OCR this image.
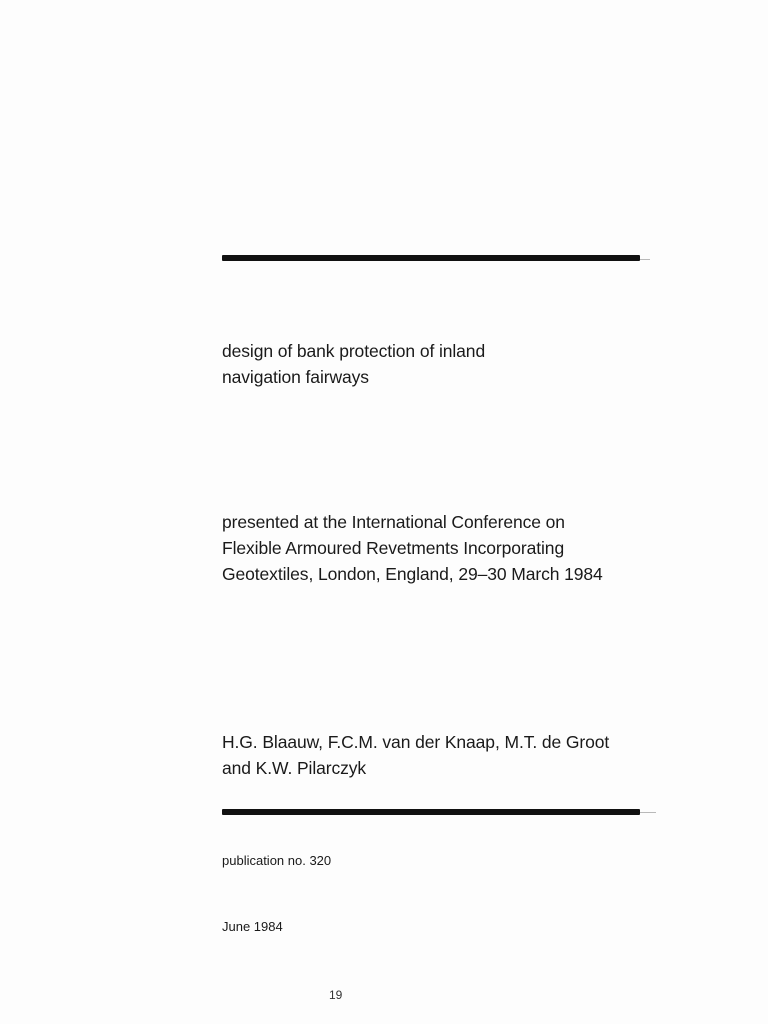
design of bank protection of inland
navigation fairways
presented at the International Conference on
Flexible Armoured Revetments Incorporating
Geotextiles, London, England, 29–30 March 1984
H.G. Blaauw, F.C.M. van der Knaap, M.T. de Groot
and K.W. Pilarczyk
publication no. 320
June 1984
19
